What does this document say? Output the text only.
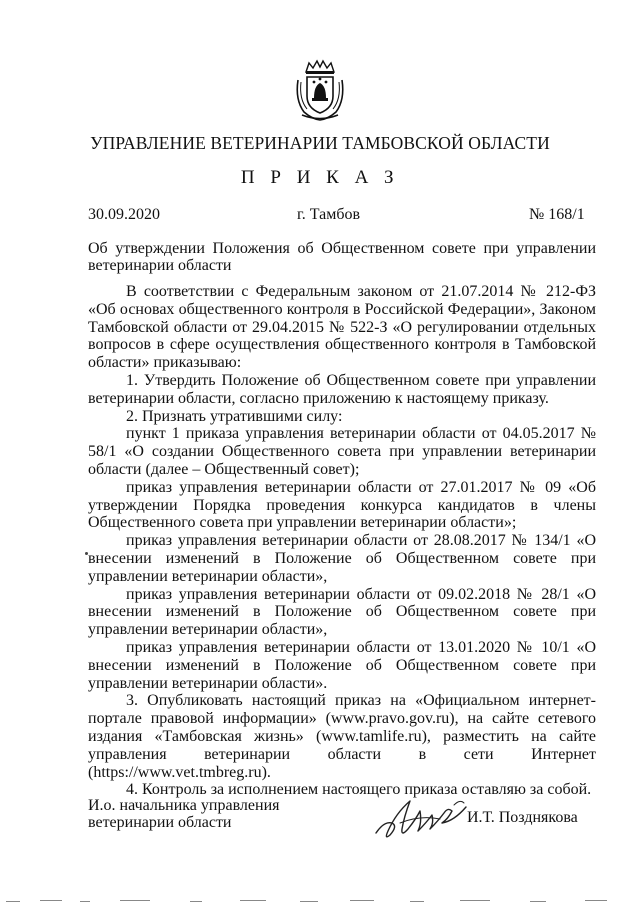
УПРАВЛЕНИЕ ВЕТЕРИНАРИИ ТАМБОВСКОЙ ОБЛАСТИ
П Р И К А З
30.09.2020	г. Тамбов	№ 168/1
Об утверждении Положения об Общественном совете при управлении ветеринарии области

В соответствии с Федеральным законом от 21.07.2014 № 212-ФЗ «Об основах общественного контроля в Российской Федерации», Законом Тамбовской области от 29.04.2015 № 522-З «О регулировании отдельных вопросов в сфере осуществления общественного контроля в Тамбовской области» приказываю:

1. Утвердить Положение об Общественном совете при управлении ветеринарии области, согласно приложению к настоящему приказу.

2. Признать утратившими силу:

пункт 1 приказа управления ветеринарии области от 04.05.2017 № 58/1 «О создании Общественного совета при управлении ветеринарии области (далее – Общественный совет);

приказ управления ветеринарии области от 27.01.2017 № 09 «Об утверждении Порядка проведения конкурса кандидатов в члены Общественного совета при управлении ветеринарии области»;

приказ управления ветеринарии области от 28.08.2017 № 134/1 «О внесении изменений в Положение об Общественном совете при управлении ветеринарии области»,

приказ управления ветеринарии области от 09.02.2018 № 28/1 «О внесении изменений в Положение об Общественном совете при управлении ветеринарии области»,

приказ управления ветеринарии области от 13.01.2020 № 10/1 «О внесении изменений в Положение об Общественном совете при управлении ветеринарии области».

3. Опубликовать настоящий приказ на «Официальном интернет-портале правовой информации» (www.pravo.gov.ru), на сайте сетевого издания «Тамбовская жизнь» (www.tamlife.ru), разместить на сайте управления ветеринарии области в сети Интернет (https://www.vet.tmbreg.ru).

4. Контроль за исполнением настоящего приказа оставляю за собой.

И.о. начальника управления ветеринарии области	И.Т. Позднякова
